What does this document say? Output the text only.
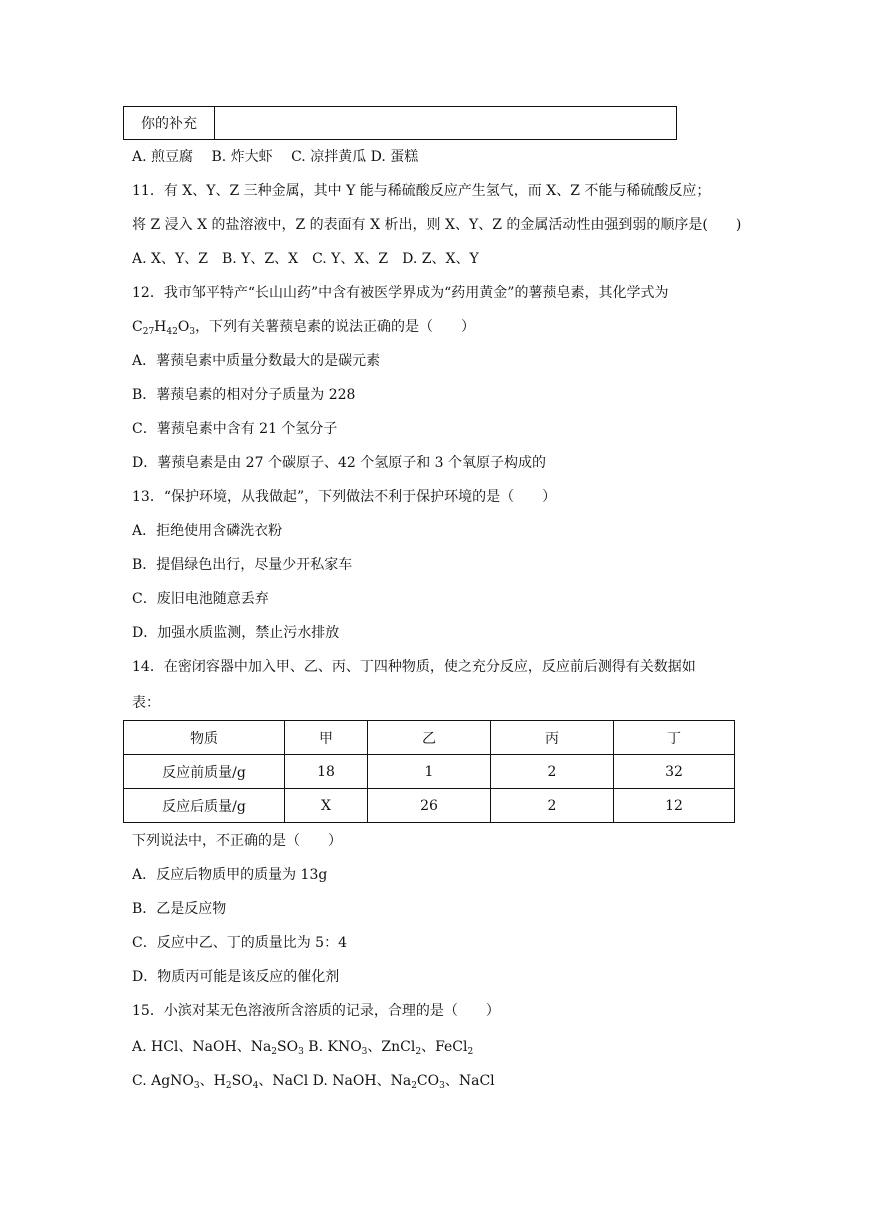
你的补充	
A. 煎豆腐　 B. 炸大虾　 C. 凉拌黄瓜 D. 蛋糕
11．有 X、Y、Z 三种金属，其中 Y 能与稀硫酸反应产生氢气，而 X、Z 不能与稀硫酸反应；
将 Z 浸入 X 的盐溶液中，Z 的表面有 X 析出，则 X、Y、Z 的金属活动性由强到弱的顺序是(　　)
A. X、Y、Z　B. Y、Z、X　C. Y、X、Z　D. Z、X、Y
12．我市邹平特产“长山山药”中含有被医学界成为“药用黄金”的薯蓣皂素，其化学式为
$C_{27}H_{42}O_3$，下列有关薯蓣皂素的说法正确的是（　　）
A．薯蓣皂素中质量分数最大的是碳元素
B．薯蓣皂素的相对分子质量为 228
C．薯蓣皂素中含有 21 个氢分子
D．薯蓣皂素是由 27 个碳原子、42 个氢原子和 3 个氧原子构成的
13．“保护环境，从我做起”，下列做法不利于保护环境的是（　　）
A．拒绝使用含磷洗衣粉
B．提倡绿色出行，尽量少开私家车
C．废旧电池随意丢弃
D．加强水质监测，禁止污水排放
14．在密闭容器中加入甲、乙、丙、丁四种物质，使之充分反应，反应前后测得有关数据如
表：
物质	甲	乙	丙	丁
反应前质量/g	18	1	2	32
反应后质量/g	X	26	2	12
下列说法中，不正确的是（　　）
A．反应后物质甲的质量为 13g
B．乙是反应物
C．反应中乙、丁的质量比为 5：4
D．物质丙可能是该反应的催化剂
15．小滨对某无色溶液所含溶质的记录，合理的是（　　）
A. HCl、NaOH、$Na_2SO_3$ B. $KNO_3$、ZnCl$_2$、FeCl$_2$
C. AgNO$_3$、$H_2SO_4$、NaCl D. NaOH、$Na_2CO_3$、NaCl
